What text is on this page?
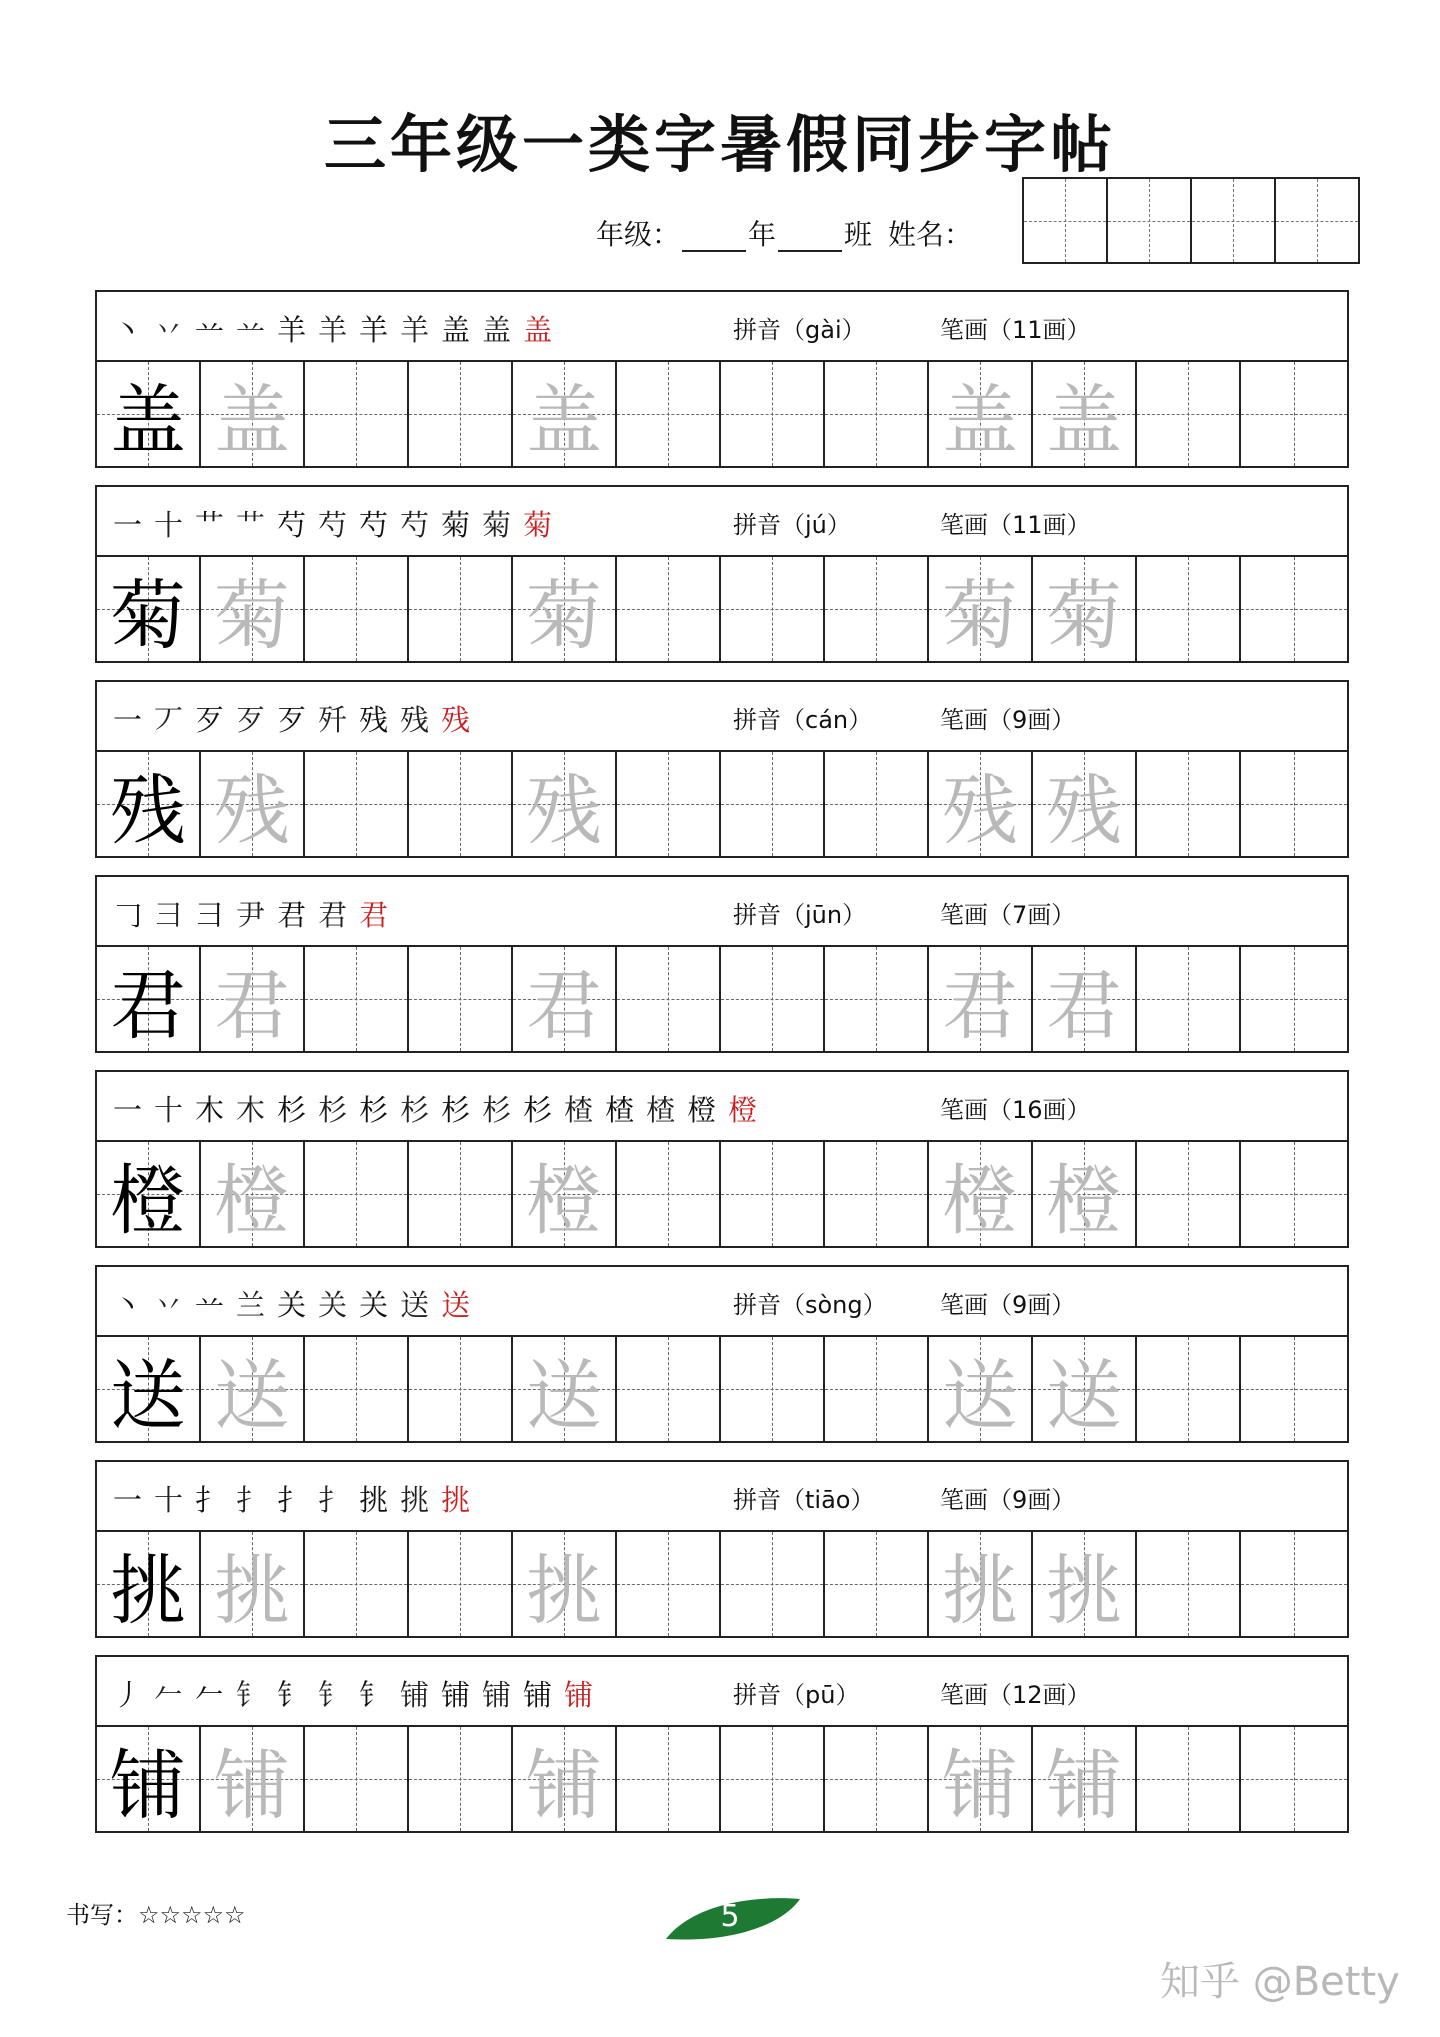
三年级一类字暑假同步字帖
年级： 年 班 姓名：
丶 丷 䒑 䒑 羊 羊 羊 羊 盖 盖 盖	拼音（gài）	笔画（11画）
盖 盖	盖	盖 盖
一 十 艹 艹 芍 芍 芍 芍 菊 菊 菊	拼音（jú）	笔画（11画）
菊 菊	菊	菊 菊
一 丆 歹 歹 歹 歼 残 残 残	拼音（cán）	笔画（9画）
残 残	残	残 残
𠃌 ⺕ ⺕ 尹 君 君 君	拼音（jūn）	笔画（7画）
君 君	君	君 君
一 十 木 木 杉 杉 杉 杉 杉 杉 杉 楂 楂 楂 橙 橙	笔画（16画）
橙 橙	橙	橙 橙
丶 丷 䒑 兰 关 关 关 送 送	拼音（sòng） 笔画（9画）
送 送	送	送 送
一 十 扌 扌 扌 扌 挑 挑 挑	拼音（tiāo）	笔画（9画）
挑 挑	挑	挑 挑
丿 𠂉 𠂉 钅 钅 钅 钅 铺 铺 铺 铺 铺	拼音（pū）	笔画（12画）
铺 铺	铺	铺 铺
书写：☆☆☆☆☆	5
知乎 @Betty
